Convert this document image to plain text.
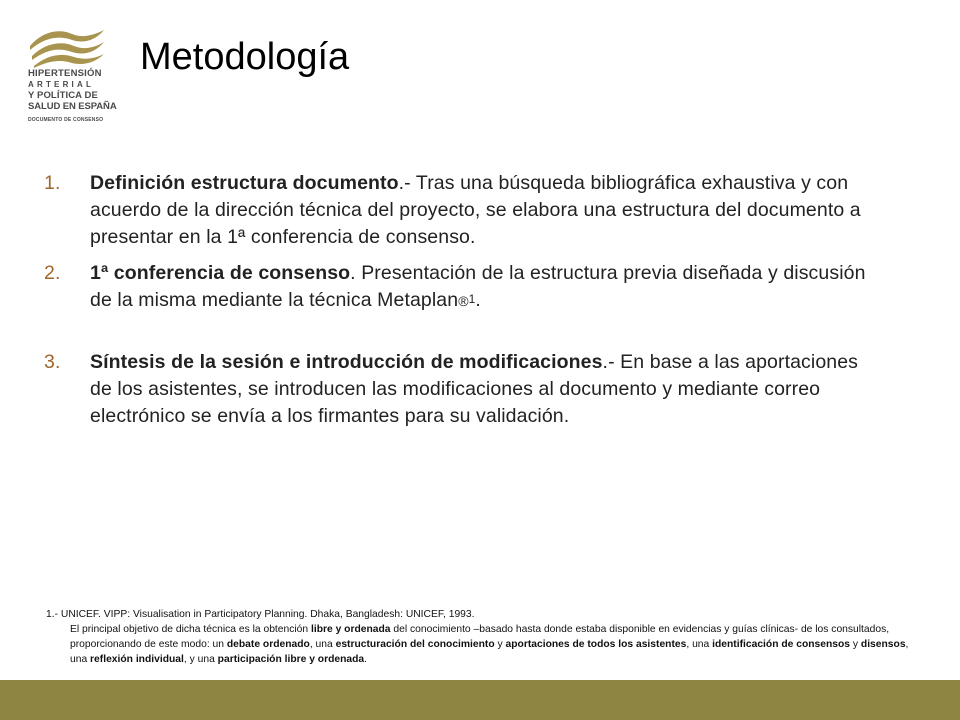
HIPERTENSIÓN
ARTERIAL
Y POLÍTICA DE
SALUD EN ESPAÑA
DOCUMENTO DE CONSENSO
Metodología
1.	Definición estructura documento.- Tras una búsqueda bibliográfica exhaustiva y con acuerdo de la dirección técnica del proyecto, se elabora una estructura del documento a presentar en la 1ª conferencia de consenso.
2.	1ª conferencia de consenso. Presentación de la estructura previa diseñada y discusión de la misma mediante la técnica Metaplan®$^1$.
3.	Síntesis de la sesión e introducción de modificaciones.- En base a las aportaciones de los asistentes, se introducen las modificaciones al documento y mediante correo electrónico se envía a los firmantes para su validación.

1.- UNICEF. VIPP: Visualisation in Participatory Planning. Dhaka, Bangladesh: UNICEF, 1993.

El principal objetivo de dicha técnica es la obtención libre y ordenada del conocimiento –basado hasta donde estaba disponible en evidencias y guías clínicas- de los consultados, proporcionando de este modo: un debate ordenado, una estructuración del conocimiento y aportaciones de todos los asistentes, una identificación de consensos y disensos, una reflexión individual, y una participación libre y ordenada.
